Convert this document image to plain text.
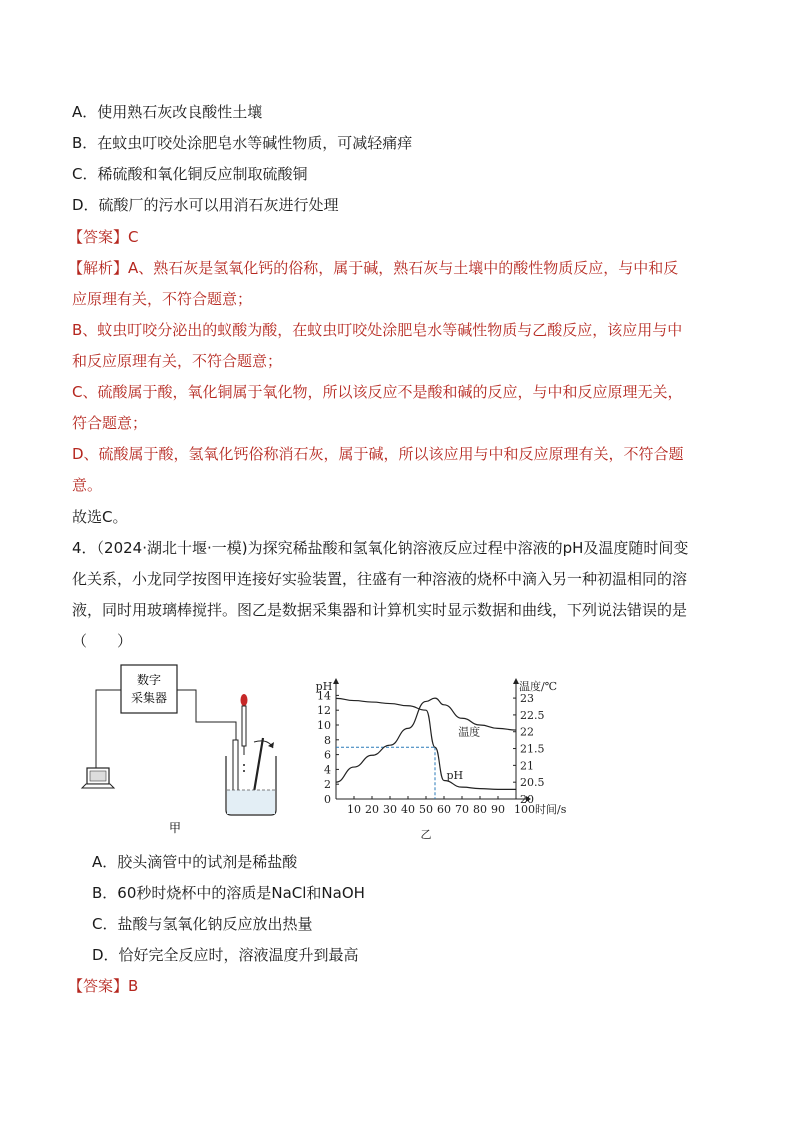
A．使用熟石灰改良酸性土壤
B．在蚊虫叮咬处涂肥皂水等碱性物质，可减轻痛痒
C．稀硫酸和氧化铜反应制取硫酸铜
D．硫酸厂的污水可以用消石灰进行处理
【答案】C
【解析】A、熟石灰是氢氧化钙的俗称，属于碱，熟石灰与土壤中的酸性物质反应，与中和反
应原理有关，不符合题意；
B、蚊虫叮咬分泌出的蚁酸为酸，在蚊虫叮咬处涂肥皂水等碱性物质与乙酸反应，该应用与中
和反应原理有关，不符合题意；
C、硫酸属于酸，氧化铜属于氧化物，所以该反应不是酸和碱的反应，与中和反应原理无关，
符合题意；
D、硫酸属于酸，氢氧化钙俗称消石灰，属于碱，所以该应用与中和反应原理有关，不符合题
意。
故选C。
4．（2024·湖北十堰·一模)为探究稀盐酸和氢氧化钠溶液反应过程中溶液的pH及温度随时间变
化关系，小龙同学按图甲连接好实验装置，往盛有一种溶液的烧杯中滴入另一种初温相同的溶
液，同时用玻璃棒搅拌。图乙是数据采集器和计算机实时显示数据和曲线，下列说法错误的是
（　　）
数字
采集器
甲
pH	温度/℃
乙
0
2
4
6
8
10
12
14
20
20.5
21
21.5
22
22.5
23
10 20 30 40 50 60 70 80 90 100时间/s
温度
pH
A．胶头滴管中的试剂是稀盐酸
B．60秒时烧杯中的溶质是NaCl和NaOH
C．盐酸与氢氧化钠反应放出热量
D．恰好完全反应时，溶液温度升到最高
【答案】B
